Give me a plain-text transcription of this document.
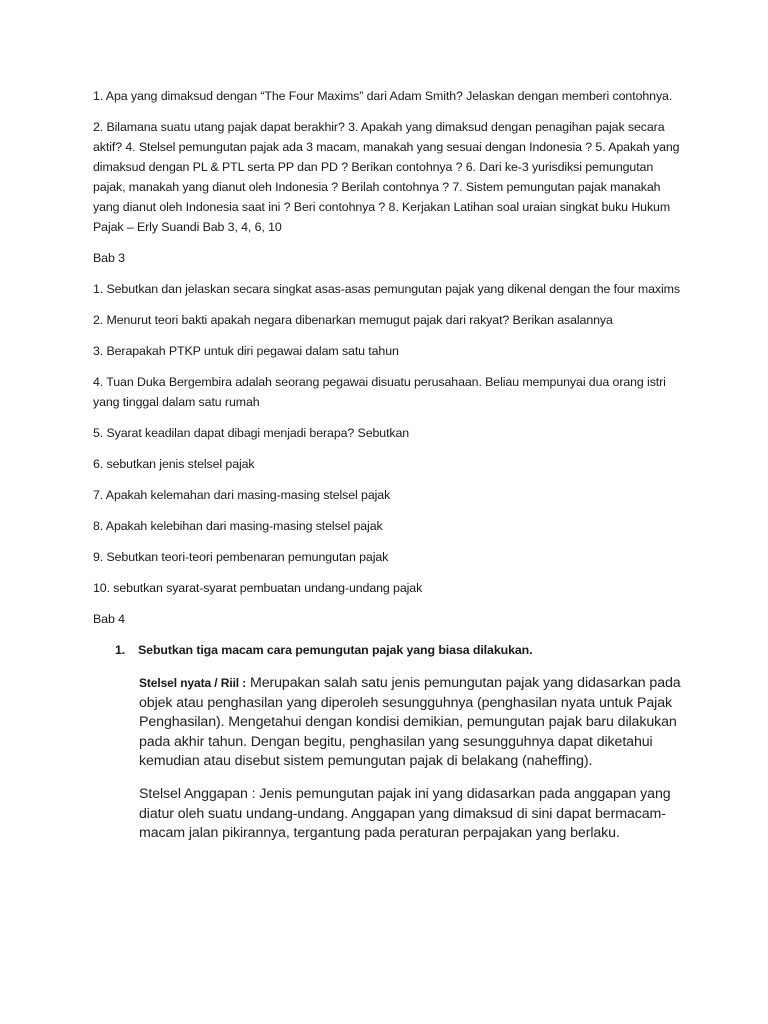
1. Apa yang dimaksud dengan “The Four Maxims” dari Adam Smith? Jelaskan dengan memberi contohnya.

2. Bilamana suatu utang pajak dapat berakhir? 3. Apakah yang dimaksud dengan penagihan pajak secara aktif? 4. Stelsel pemungutan pajak ada 3 macam, manakah yang sesuai dengan Indonesia ? 5. Apakah yang dimaksud dengan PL & PTL serta PP dan PD ? Berikan contohnya ? 6. Dari ke-3 yurisdiksi pemungutan pajak, manakah yang dianut oleh Indonesia ? Berilah contohnya ? 7. Sistem pemungutan pajak manakah yang dianut oleh Indonesia saat ini ? Beri contohnya ? 8. Kerjakan Latihan soal uraian singkat buku Hukum Pajak – Erly Suandi Bab 3, 4, 6, 10

Bab 3

1. Sebutkan dan jelaskan secara singkat asas-asas pemungutan pajak yang dikenal dengan the four maxims

2. Menurut teori bakti apakah negara dibenarkan memugut pajak dari rakyat? Berikan asalannya

3. Berapakah PTKP untuk diri pegawai dalam satu tahun

4. Tuan Duka Bergembira adalah seorang pegawai disuatu perusahaan. Beliau mempunyai dua orang istri yang tinggal dalam satu rumah

5. Syarat keadilan dapat dibagi menjadi berapa? Sebutkan

6. sebutkan jenis stelsel pajak

7. Apakah kelemahan dari masing-masing stelsel pajak

8. Apakah kelebihan dari masing-masing stelsel pajak

9. Sebutkan teori-teori pembenaran pemungutan pajak

10. sebutkan syarat-syarat pembuatan undang-undang pajak

Bab 4

1. Sebutkan tiga macam cara pemungutan pajak yang biasa dilakukan.

Stelsel nyata / Riil : Merupakan salah satu jenis pemungutan pajak yang didasarkan pada objek atau penghasilan yang diperoleh sesungguhnya (penghasilan nyata untuk Pajak Penghasilan). Mengetahui dengan kondisi demikian, pemungutan pajak baru dilakukan pada akhir tahun. Dengan begitu, penghasilan yang sesungguhnya dapat diketahui kemudian atau disebut sistem pemungutan pajak di belakang (naheffing).

Stelsel Anggapan : Jenis pemungutan pajak ini yang didasarkan pada anggapan yang diatur oleh suatu undang-undang. Anggapan yang dimaksud di sini dapat bermacam-macam jalan pikirannya, tergantung pada peraturan perpajakan yang berlaku.
